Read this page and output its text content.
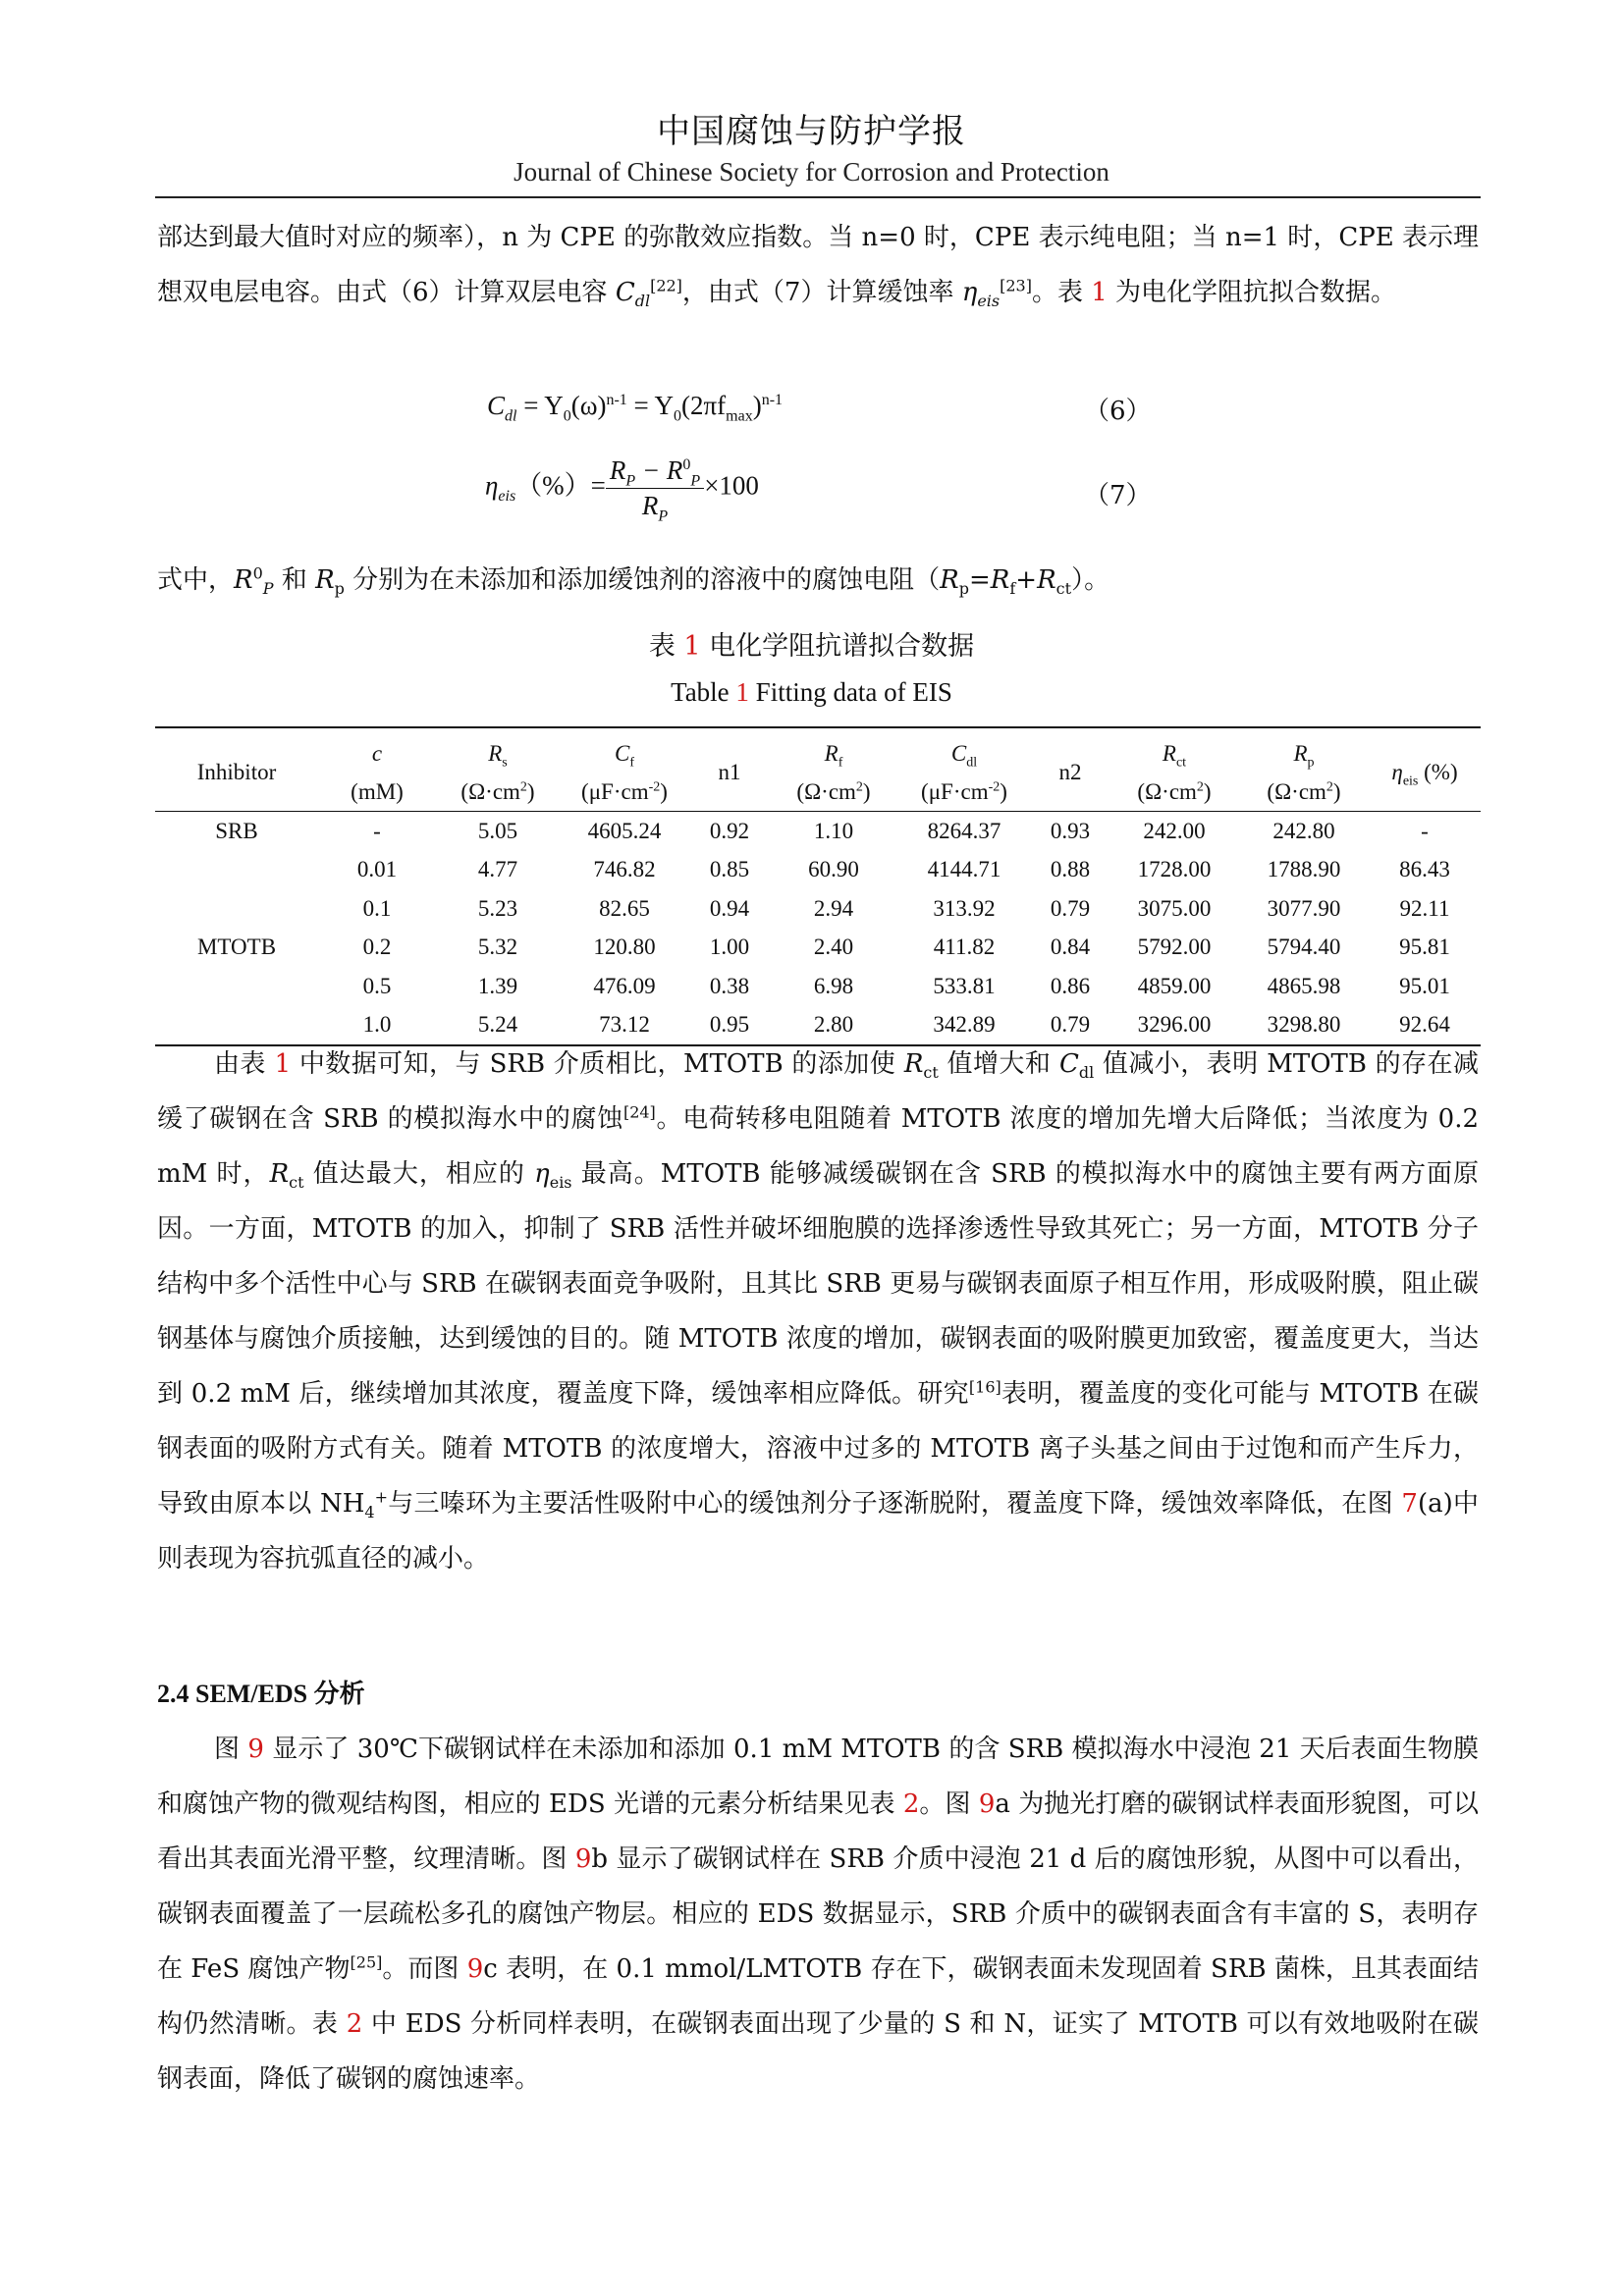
中国腐蚀与防护学报
Journal of Chinese Society for Corrosion and Protection
部达到最大值时对应的频率），n 为 CPE 的弥散效应指数。当 n=0 时，CPE 表示纯电阻；当 n=1 时，CPE 表示理想双电层电容。由式（6）计算双层电容 $C_{dl}[22]$，由式（7）计算缓蚀率 $\eta_{eis}[23]$。表 1 为电化学阻抗拟合数据。
$C_{dl} = Y_0(\omega)^{n-1} = Y_0(2\pi f_{max})^{n-1}$	（6）
$\eta_{eis}(\%)= \frac{R_P - R^0_P}{R_P} \times 100$	（7）
式中，$R^0_P$ 和 $R_p$ 分别为在未添加和添加缓蚀剂的溶液中的腐蚀电阻$(R_p=R_f+R_{ct})$。
表 1 电化学阻抗谱拟合数据
Table 1 Fitting data of EIS
Inhibitor	c	$R_s$	$C_f$	n1	$R_f$	$C_{dl}$	n2	$R_{ct}$	$R_p$	$\eta_{eis}$ (%)
	(mM)	$(\Omega\cdot cm^2)$	$(\mu F\cdot cm^{-2})$		$(\Omega\cdot cm^2)$	$(\mu F\cdot cm^{-2})$		$(\Omega\cdot cm^2)$	$(\Omega\cdot cm^2)$	
SRB	-	5.05	4605.24	0.92	1.10	8264.37	0.93	242.00	242.80	-
	0.01	4.77	746.82	0.85	60.90	4144.71	0.88	1728.00	1788.90	86.43
	0.1	5.23	82.65	0.94	2.94	313.92	0.79	3075.00	3077.90	92.11
MTOTB	0.2	5.32	120.80	1.00	2.40	411.82	0.84	5792.00	5794.40	95.81
	0.5	1.39	476.09	0.38	6.98	533.81	0.86	4859.00	4865.98	95.01
	1.0	5.24	73.12	0.95	2.80	342.89	0.79	3296.00	3298.80	92.64
由表 1 中数据可知，与 SRB 介质相比，MTOTB 的添加使 $R_{ct}$ 值增大和 $C_{dl}$ 值减小，表明 MTOTB 的存在减缓了碳钢在含 SRB 的模拟海水中的腐蚀[24]。电荷转移电阻随着 MTOTB 浓度的增加先增大后降低；当浓度为 0.2 mM 时，$R_{ct}$ 值达最大，相应的 $\eta_{eis}$ 最高。MTOTB 能够减缓碳钢在含 SRB 的模拟海水中的腐蚀主要有两方面原因。一方面，MTOTB 的加入，抑制了 SRB 活性并破坏细胞膜的选择渗透性导致其死亡；另一方面，MTOTB 分子结构中多个活性中心与 SRB 在碳钢表面竞争吸附，且其比 SRB 更易与碳钢表面原子相互作用，形成吸附膜，阻止碳钢基体与腐蚀介质接触，达到缓蚀的目的。随 MTOTB 浓度的增加，碳钢表面的吸附膜更加致密，覆盖度更大，当达到 0.2 mM 后，继续增加其浓度，覆盖度下降，缓蚀率相应降低。研究[16]表明，覆盖度的变化可能与 MTOTB 在碳钢表面的吸附方式有关。随着 MTOTB 的浓度增大，溶液中过多的 MTOTB 离子头基之间由于过饱和而产生斥力，导致由原本以 $NH_4^+$与三嗪环为主要活性吸附中心的缓蚀剂分子逐渐脱附，覆盖度下降，缓蚀效率降低，在图 7(a)中则表现为容抗弧直径的减小。
2.4 SEM/EDS 分析
图 9 显示了 30℃下碳钢试样在未添加和添加 0.1 mM MTOTB 的含 SRB 模拟海水中浸泡 21 天后表面生物膜和腐蚀产物的微观结构图，相应的 EDS 光谱的元素分析结果见表 2。图 9a 为抛光打磨的碳钢试样表面形貌图，可以看出其表面光滑平整，纹理清晰。图 9b 显示了碳钢试样在 SRB 介质中浸泡 21 d 后的腐蚀形貌，从图中可以看出，碳钢表面覆盖了一层疏松多孔的腐蚀产物层。相应的 EDS 数据显示，SRB 介质中的碳钢表面含有丰富的 S，表明存在 FeS 腐蚀产物[25]。而图 9c 表明，在 0.1 mmol/LMTOTB 存在下，碳钢表面未发现固着 SRB 菌株，且其表面结构仍然清晰。表 2 中 EDS 分析同样表明，在碳钢表面出现了少量的 S 和 N，证实了 MTOTB 可以有效地吸附在碳钢表面，降低了碳钢的腐蚀速率。
